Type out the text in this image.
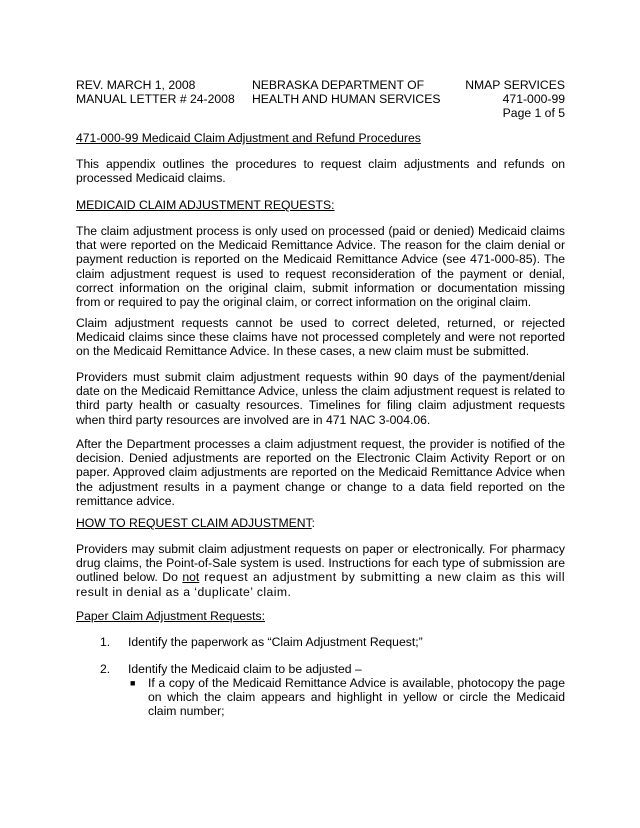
REV. MARCH 1, 2008
MANUAL LETTER # 24-2008
NEBRASKA DEPARTMENT OF
HEALTH AND HUMAN SERVICES
NMAP SERVICES
471-000-99
Page 1 of 5
471-000-99 Medicaid Claim Adjustment and Refund Procedures

This appendix outlines the procedures to request claim adjustments and refunds on processed Medicaid claims.

MEDICAID CLAIM ADJUSTMENT REQUESTS:

The claim adjustment process is only used on processed (paid or denied) Medicaid claims that were reported on the Medicaid Remittance Advice. The reason for the claim denial or payment reduction is reported on the Medicaid Remittance Advice (see 471-000-85). The claim adjustment request is used to request reconsideration of the payment or denial, correct information on the original claim, submit information or documentation missing from or required to pay the original claim, or correct information on the original claim.

Claim adjustment requests cannot be used to correct deleted, returned, or rejected Medicaid claims since these claims have not processed completely and were not reported on the Medicaid Remittance Advice. In these cases, a new claim must be submitted.

Providers must submit claim adjustment requests within 90 days of the payment/denial date on the Medicaid Remittance Advice, unless the claim adjustment request is related to third party health or casualty resources. Timelines for filing claim adjustment requests when third party resources are involved are in 471 NAC 3-004.06.

After the Department processes a claim adjustment request, the provider is notified of the decision. Denied adjustments are reported on the Electronic Claim Activity Report or on paper. Approved claim adjustments are reported on the Medicaid Remittance Advice when the adjustment results in a payment change or change to a data field reported on the remittance advice.

HOW TO REQUEST CLAIM ADJUSTMENT:

Providers may submit claim adjustment requests on paper or electronically. For pharmacy drug claims, the Point-of-Sale system is used. Instructions for each type of submission are outlined below. Do not request an adjustment by submitting a new claim as this will result in denial as a ‘duplicate’ claim.

Paper Claim Adjustment Requests:
1.	Identify the paperwork as “Claim Adjustment Request;”
2.	Identify the Medicaid claim to be adjusted –
■	If a copy of the Medicaid Remittance Advice is available, photocopy the page on which the claim appears and highlight in yellow or circle the Medicaid claim number;
